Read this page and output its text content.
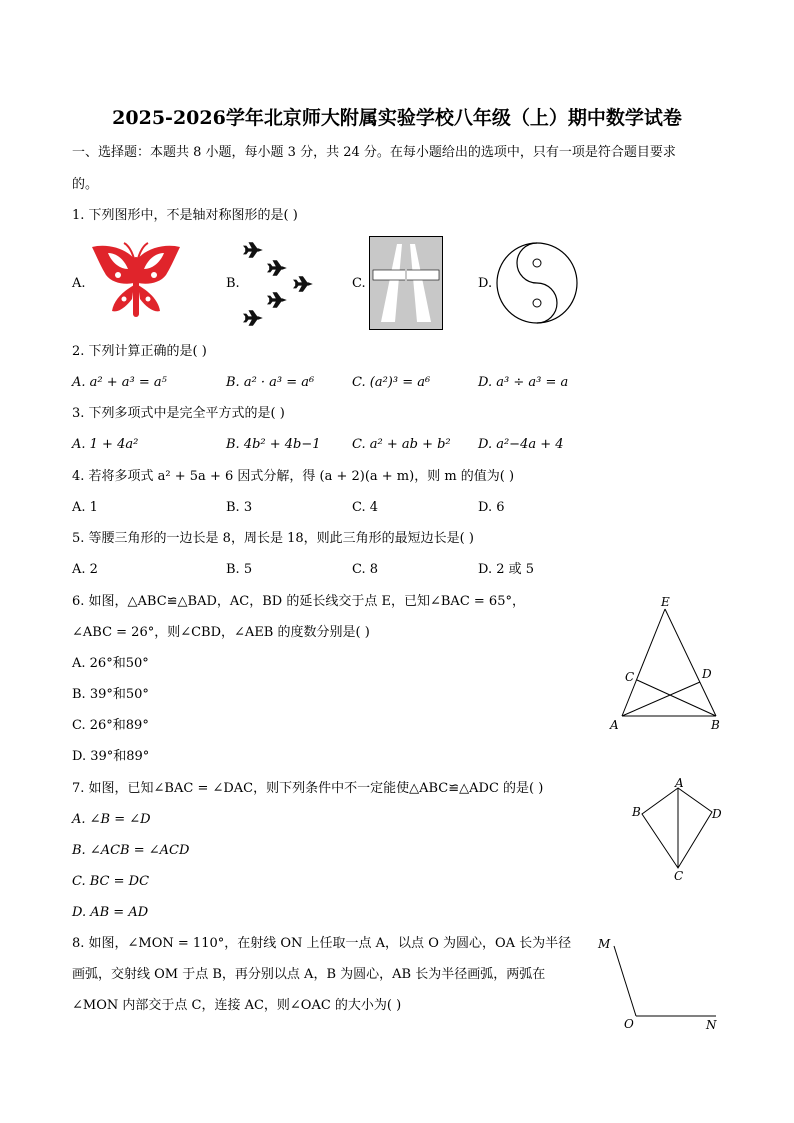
2025-2026学年北京师大附属实验学校八年级（上）期中数学试卷
一、选择题：本题共 8 小题，每小题 3 分，共 24 分。在每小题给出的选项中，只有一项是符合题目要求
的。
1. 下列图形中，不是轴对称图形的是( )
A.	B.	C.	D.
2. 下列计算正确的是( )
A. a² + a³ = a⁵	B. a² · a³ = a⁶	C. (a²)³ = a⁶	D. a³ ÷ a³ = a
3. 下列多项式中是完全平方式的是( )
A. 1 + 4a²	B. 4b² + 4b−1 C. a² + ab + b² D. a²−4a + 4
4. 若将多项式 a² + 5a + 6 因式分解，得 (a + 2)(a + m)，则 m 的值为( )
A. 1	B. 3	C. 4	D. 6
5. 等腰三角形的一边长是 8，周长是 18，则此三角形的最短边长是( )
A. 2	B. 5	C. 8	D. 2 或 5
6. 如图，△ABC≌△BAD，AC，BD 的延长线交于点 E，已知∠BAC = 65°，
∠ABC = 26°，则∠CBD，∠AEB 的度数分别是( )
A. 26°和50°
B. 39°和50°
C. 26°和89°
D. 39°和89°
E
C	D
A	B
7. 如图，已知∠BAC = ∠DAC，则下列条件中不一定能使△ABC≌△ADC 的是( )
A. ∠B = ∠D
B. ∠ACB = ∠ACD
C. BC = DC
D. AB = AD
A
B
C
D
8. 如图，∠MON = 110°，在射线 ON 上任取一点 A，以点 O 为圆心，OA 长为半径
画弧，交射线 OM 于点 B，再分别以点 A，B 为圆心，AB 长为半径画弧，两弧在
∠MON 内部交于点 C，连接 AC，则∠OAC 的大小为( )
M
O	N
